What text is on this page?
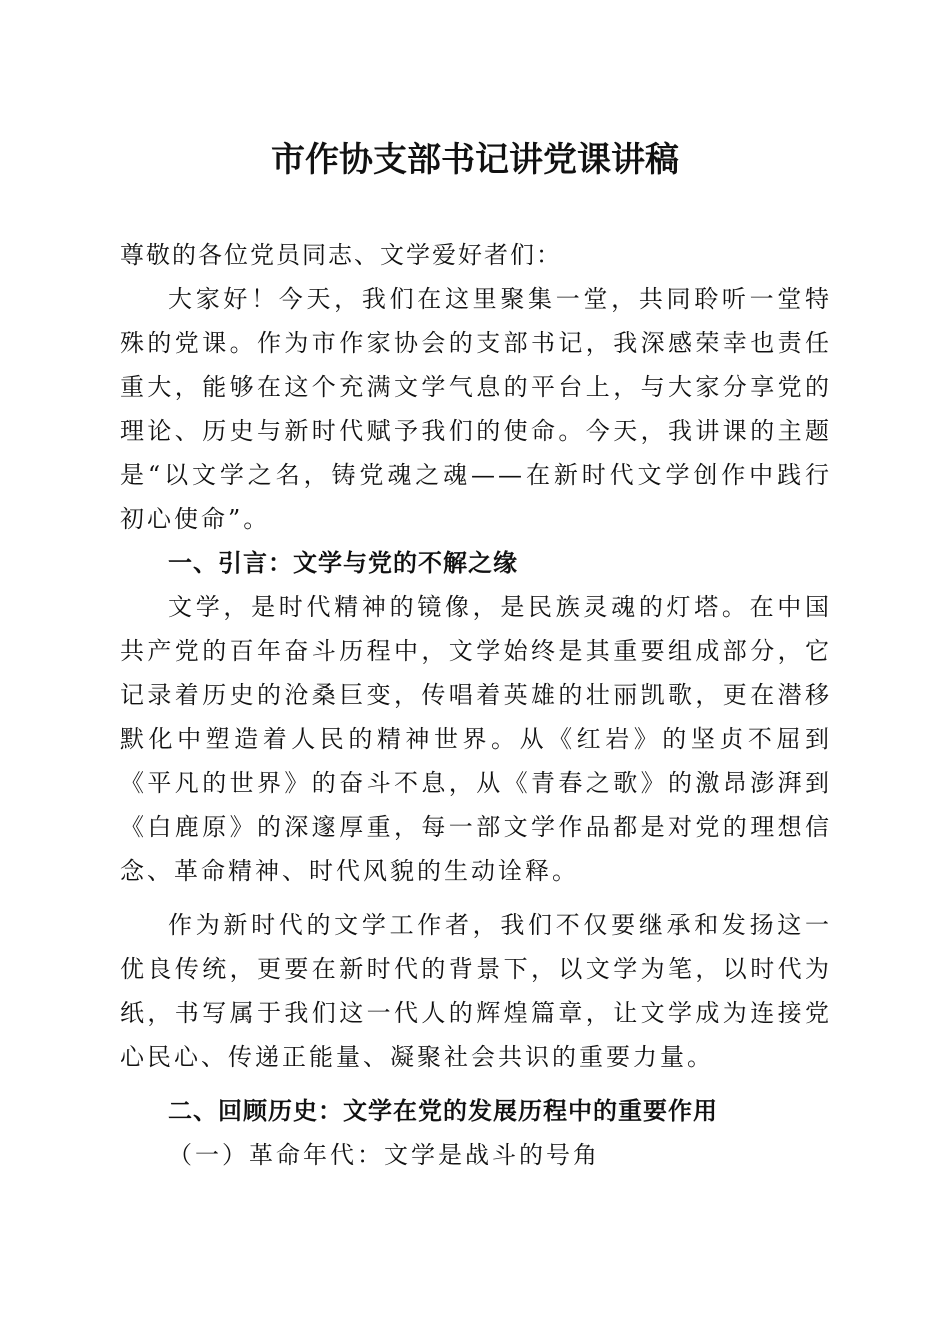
市作协支部书记讲党课讲稿

尊敬的各位党员同志、文学爱好者们：

大家好！今天，我们在这里聚集一堂，共同聆听一堂特殊的党课。作为市作家协会的支部书记，我深感荣幸也责任重大，能够在这个充满文学气息的平台上，与大家分享党的理论、历史与新时代赋予我们的使命。今天，我讲课的主题是“以文学之名，铸党魂之魂——在新时代文学创作中践行初心使命”。

一、引言：文学与党的不解之缘

文学，是时代精神的镜像，是民族灵魂的灯塔。在中国共产党的百年奋斗历程中，文学始终是其重要组成部分，它记录着历史的沧桑巨变，传唱着英雄的壮丽凯歌，更在潜移默化中塑造着人民的精神世界。从《红岩》的坚贞不屈到《平凡的世界》的奋斗不息，从《青春之歌》的激昂澎湃到《白鹿原》的深邃厚重，每一部文学作品都是对党的理想信念、革命精神、时代风貌的生动诠释。

作为新时代的文学工作者，我们不仅要继承和发扬这一优良传统，更要在新时代的背景下，以文学为笔，以时代为纸，书写属于我们这一代人的辉煌篇章，让文学成为连接党心民心、传递正能量、凝聚社会共识的重要力量。

二、回顾历史：文学在党的发展历程中的重要作用

（一）革命年代：文学是战斗的号角
